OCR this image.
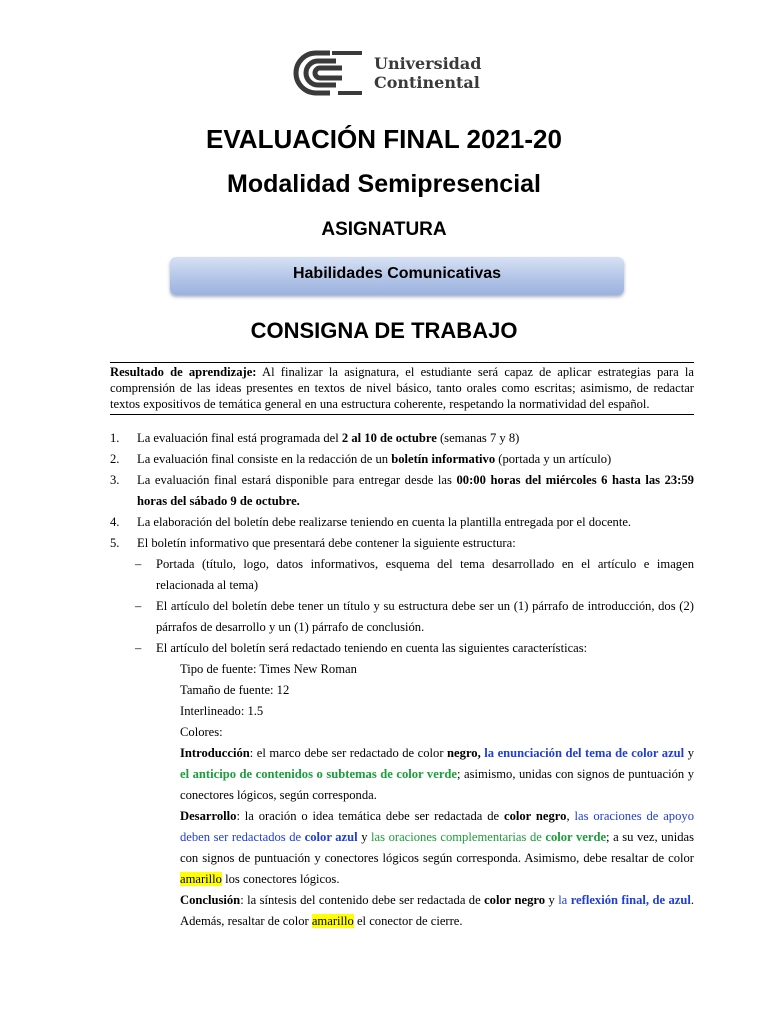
Universidad
Continental
EVALUACIÓN FINAL 2021-20
Modalidad Semipresencial
ASIGNATURA
Habilidades Comunicativas
CONSIGNA DE TRABAJO
Resultado de aprendizaje: Al finalizar la asignatura, el estudiante será capaz de aplicar estrategias para la comprensión de las ideas presentes en textos de nivel básico, tanto orales como escritas; asimismo, de redactar textos expositivos de temática general en una estructura coherente, respetando la normatividad del español.
1. La evaluación final está programada del 2 al 10 de octubre (semanas 7 y 8)
2. La evaluación final consiste en la redacción de un boletín informativo (portada y un artículo)
3. La evaluación final estará disponible para entregar desde las 00:00 horas del miércoles 6 hasta las 23:59 horas del sábado 9 de octubre.
4. La elaboración del boletín debe realizarse teniendo en cuenta la plantilla entregada por el docente.
5. El boletín informativo que presentará debe contener la siguiente estructura:
– Portada (título, logo, datos informativos, esquema del tema desarrollado en el artículo e imagen relacionada al tema)
– El artículo del boletín debe tener un título y su estructura debe ser un (1) párrafo de introducción, dos (2) párrafos de desarrollo y un (1) párrafo de conclusión.
– El artículo del boletín será redactado teniendo en cuenta las siguientes características:
Tipo de fuente: Times New Roman
Tamaño de fuente: 12
Interlineado: 1.5
Colores:
Introducción: el marco debe ser redactado de color negro, la enunciación del tema de color azul y el anticipo de contenidos o subtemas de color verde; asimismo, unidas con signos de puntuación y conectores lógicos, según corresponda.
Desarrollo: la oración o idea temática debe ser redactada de color negro, las oraciones de apoyo deben ser redactados de color azul y las oraciones complementarias de color verde; a su vez, unidas con signos de puntuación y conectores lógicos según corresponda. Asimismo, debe resaltar de color amarillo los conectores lógicos.
Conclusión: la síntesis del contenido debe ser redactada de color negro y la reflexión final, de azul. Además, resaltar de color amarillo el conector de cierre.
